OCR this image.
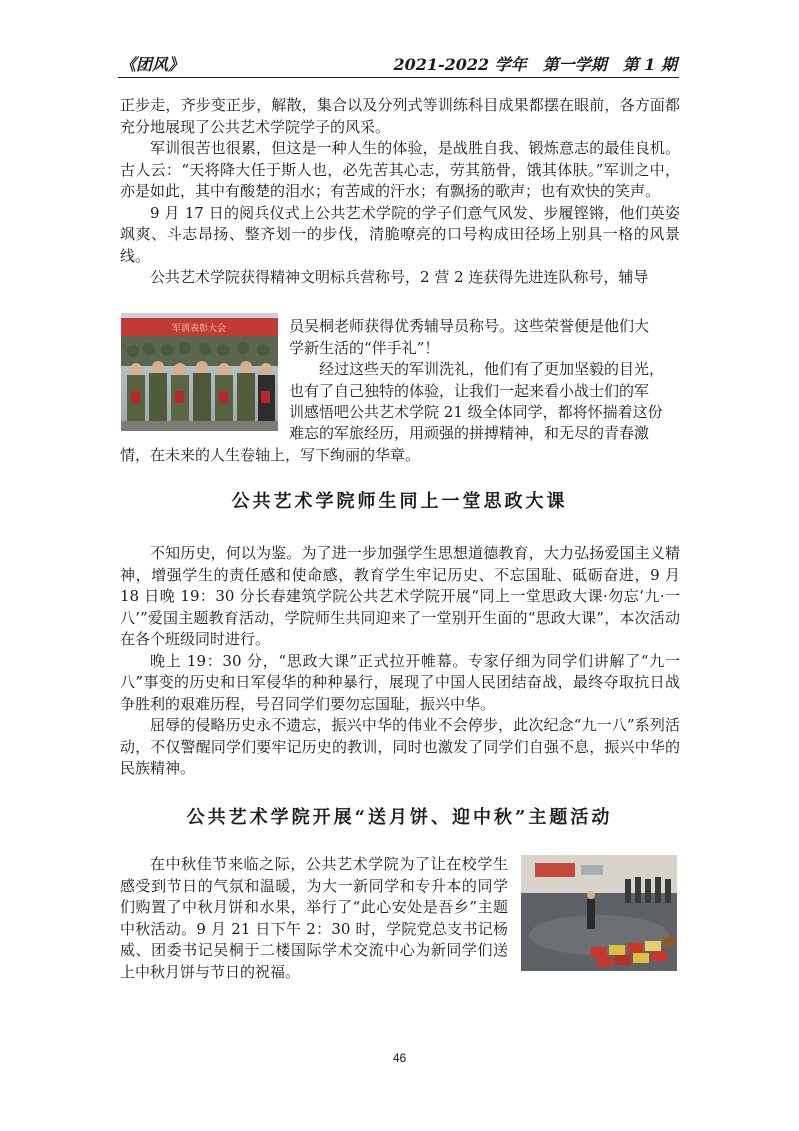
《团风》	2021-2022 学年　第一学期　第 1 期

正步走，齐步变正步，解散，集合以及分列式等训练科目成果都摆在眼前，各方面都充分地展现了公共艺术学院学子的风采。

军训很苦也很累，但这是一种人生的体验，是战胜自我、锻炼意志的最佳良机。古人云：“天将降大任于斯人也，必先苦其心志，劳其筋骨，饿其体肤。”军训之中，亦是如此，其中有酸楚的泪水；有苦咸的汗水；有飘扬的歌声；也有欢快的笑声。

9 月 17 日的阅兵仪式上公共艺术学院的学子们意气风发、步履铿锵，他们英姿飒爽、斗志昂扬、整齐划一的步伐，清脆嘹亮的口号构成田径场上别具一格的风景线。

公共艺术学院获得精神文明标兵营称号，2 营 2 连获得先进连队称号，辅导

军训表彰大会	员吴桐老师获得优秀辅导员称号。这些荣誉便是他们大

学新生活的“伴手礼”！

经过这些天的军训洗礼，他们有了更加坚毅的目光，

也有了自己独特的体验，让我们一起来看小战士们的军

训感悟吧公共艺术学院 21 级全体同学，都将怀揣着这份

难忘的军旅经历，用顽强的拼搏精神，和无尽的青春激

情，在未来的人生卷轴上，写下绚丽的华章。

公共艺术学院师生同上一堂思政大课

不知历史，何以为鉴。为了进一步加强学生思想道德教育，大力弘扬爱国主义精神，增强学生的责任感和使命感，教育学生牢记历史、不忘国耻、砥砺奋进，9 月 18 日晚 19：30 分长春建筑学院公共艺术学院开展“同上一堂思政大课·勿忘‘九·一八’”爱国主题教育活动，学院师生共同迎来了一堂别开生面的“思政大课”，本次活动在各个班级同时进行。

晚上 19：30 分，“思政大课”正式拉开帷幕。专家仔细为同学们讲解了“九一八”事变的历史和日军侵华的种种暴行，展现了中国人民团结奋战，最终夺取抗日战争胜利的艰难历程，号召同学们要勿忘国耻，振兴中华。

屈辱的侵略历史永不遗忘，振兴中华的伟业不会停步，此次纪念“九一八”系列活动，不仅警醒同学们要牢记历史的教训，同时也激发了同学们自强不息，振兴中华的民族精神。

公共艺术学院开展“送月饼、迎中秋”主题活动

在中秋佳节来临之际，公共艺术学院为了让在校学生感受到节日的气氛和温暖，为大一新同学和专升本的同学们购置了中秋月饼和水果，举行了“此心安处是吾乡”主题中秋活动。9 月 21 日下午 2：30 时，学院党总支书记杨威、团委书记吴桐于二楼国际学术交流中心为新同学们送上中秋月饼与节日的祝福。

46
